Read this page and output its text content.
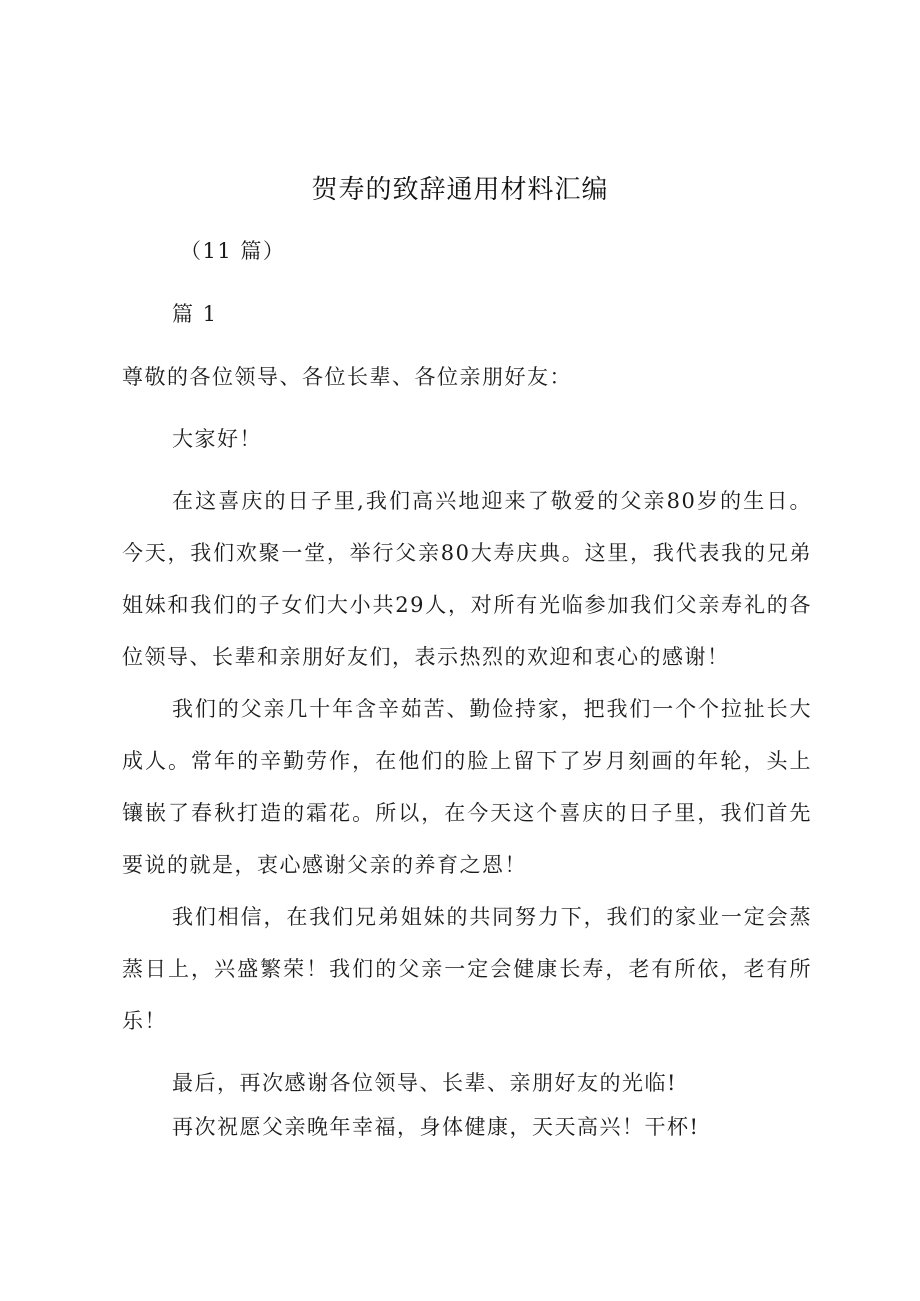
贺寿的致辞通用材料汇编
（11 篇）
篇 1
尊敬的各位领导、各位长辈、各位亲朋好友：
大家好！
在这喜庆的日子里,我们高兴地迎来了敬爱的父亲80岁的生日。今天，我们欢聚一堂，举行父亲80大寿庆典。这里，我代表我的兄弟姐妹和我们的子女们大小共29人，对所有光临参加我们父亲寿礼的各位领导、长辈和亲朋好友们，表示热烈的欢迎和衷心的感谢！
我们的父亲几十年含辛茹苦、勤俭持家，把我们一个个拉扯长大成人。常年的辛勤劳作，在他们的脸上留下了岁月刻画的年轮，头上镶嵌了春秋打造的霜花。所以，在今天这个喜庆的日子里，我们首先要说的就是，衷心感谢父亲的养育之恩！
我们相信，在我们兄弟姐妹的共同努力下，我们的家业一定会蒸蒸日上，兴盛繁荣！我们的父亲一定会健康长寿，老有所依，老有所乐！
最后，再次感谢各位领导、长辈、亲朋好友的光临!
再次祝愿父亲晚年幸福，身体健康，天天高兴！干杯!
